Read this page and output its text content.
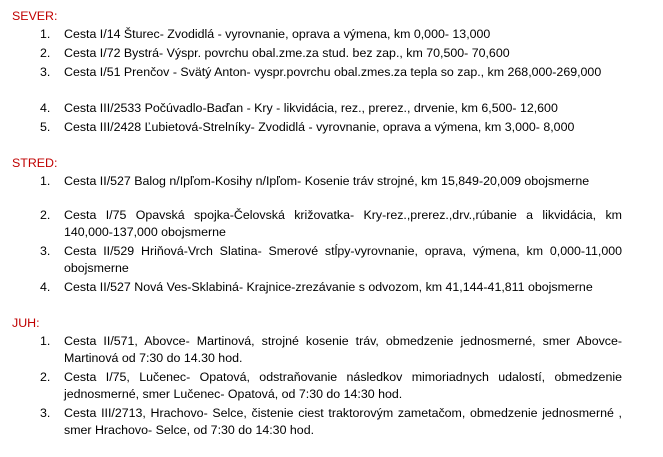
SEVER:
1.	Cesta I/14 Šturec- Zvodidlá - vyrovnanie, oprava a výmena, km 0,000- 13,000
2.	Cesta I/72 Bystrá- Výspr. povrchu obal.zme.za stud. bez zap., km 70,500- 70,600
3.	Cesta I/51 Prenčov - Svätý Anton- vyspr.povrchu obal.zmes.za tepla so zap., km 268,000-269,000
4.	Cesta III/2533 Počúvadlo-Baďan - Kry - likvidácia, rez., prerez., drvenie, km 6,500- 12,600
5.	Cesta III/2428 Ľubietová-Strelníky- Zvodidlá - vyrovnanie, oprava a výmena, km 3,000- 8,000
STRED:
1.	Cesta II/527 Balog n/Ipľom-Kosihy n/Ipľom- Kosenie tráv strojné, km 15,849-20,009 obojsmerne
2.	Cesta I/75 Opavská spojka-Čelovská križovatka- Kry-rez.,prerez.,drv.,rúbanie a likvidácia, km 140,000-137,000 obojsmerne
3.	Cesta II/529 Hriňová-Vrch Slatina- Smerové stĺpy-vyrovnanie, oprava, výmena, km 0,000-11,000 obojsmerne
4.	Cesta II/527 Nová Ves-Sklabiná- Krajnice-zrezávanie s odvozom, km 41,144-41,811 obojsmerne
JUH:
1.	Cesta II/571, Abovce- Martinová, strojné kosenie tráv, obmedzenie jednosmerné, smer Abovce- Martinová od 7:30 do 14.30 hod.
2.	Cesta I/75, Lučenec- Opatová, odstraňovanie následkov mimoriadnych udalostí, obmedzenie jednosmerné, smer Lučenec- Opatová, od 7:30 do 14:30 hod.
3.	Cesta III/2713, Hrachovo- Selce, čistenie ciest traktorovým zametačom, obmedzenie jednosmerné , smer Hrachovo- Selce, od 7:30 do 14:30 hod.
